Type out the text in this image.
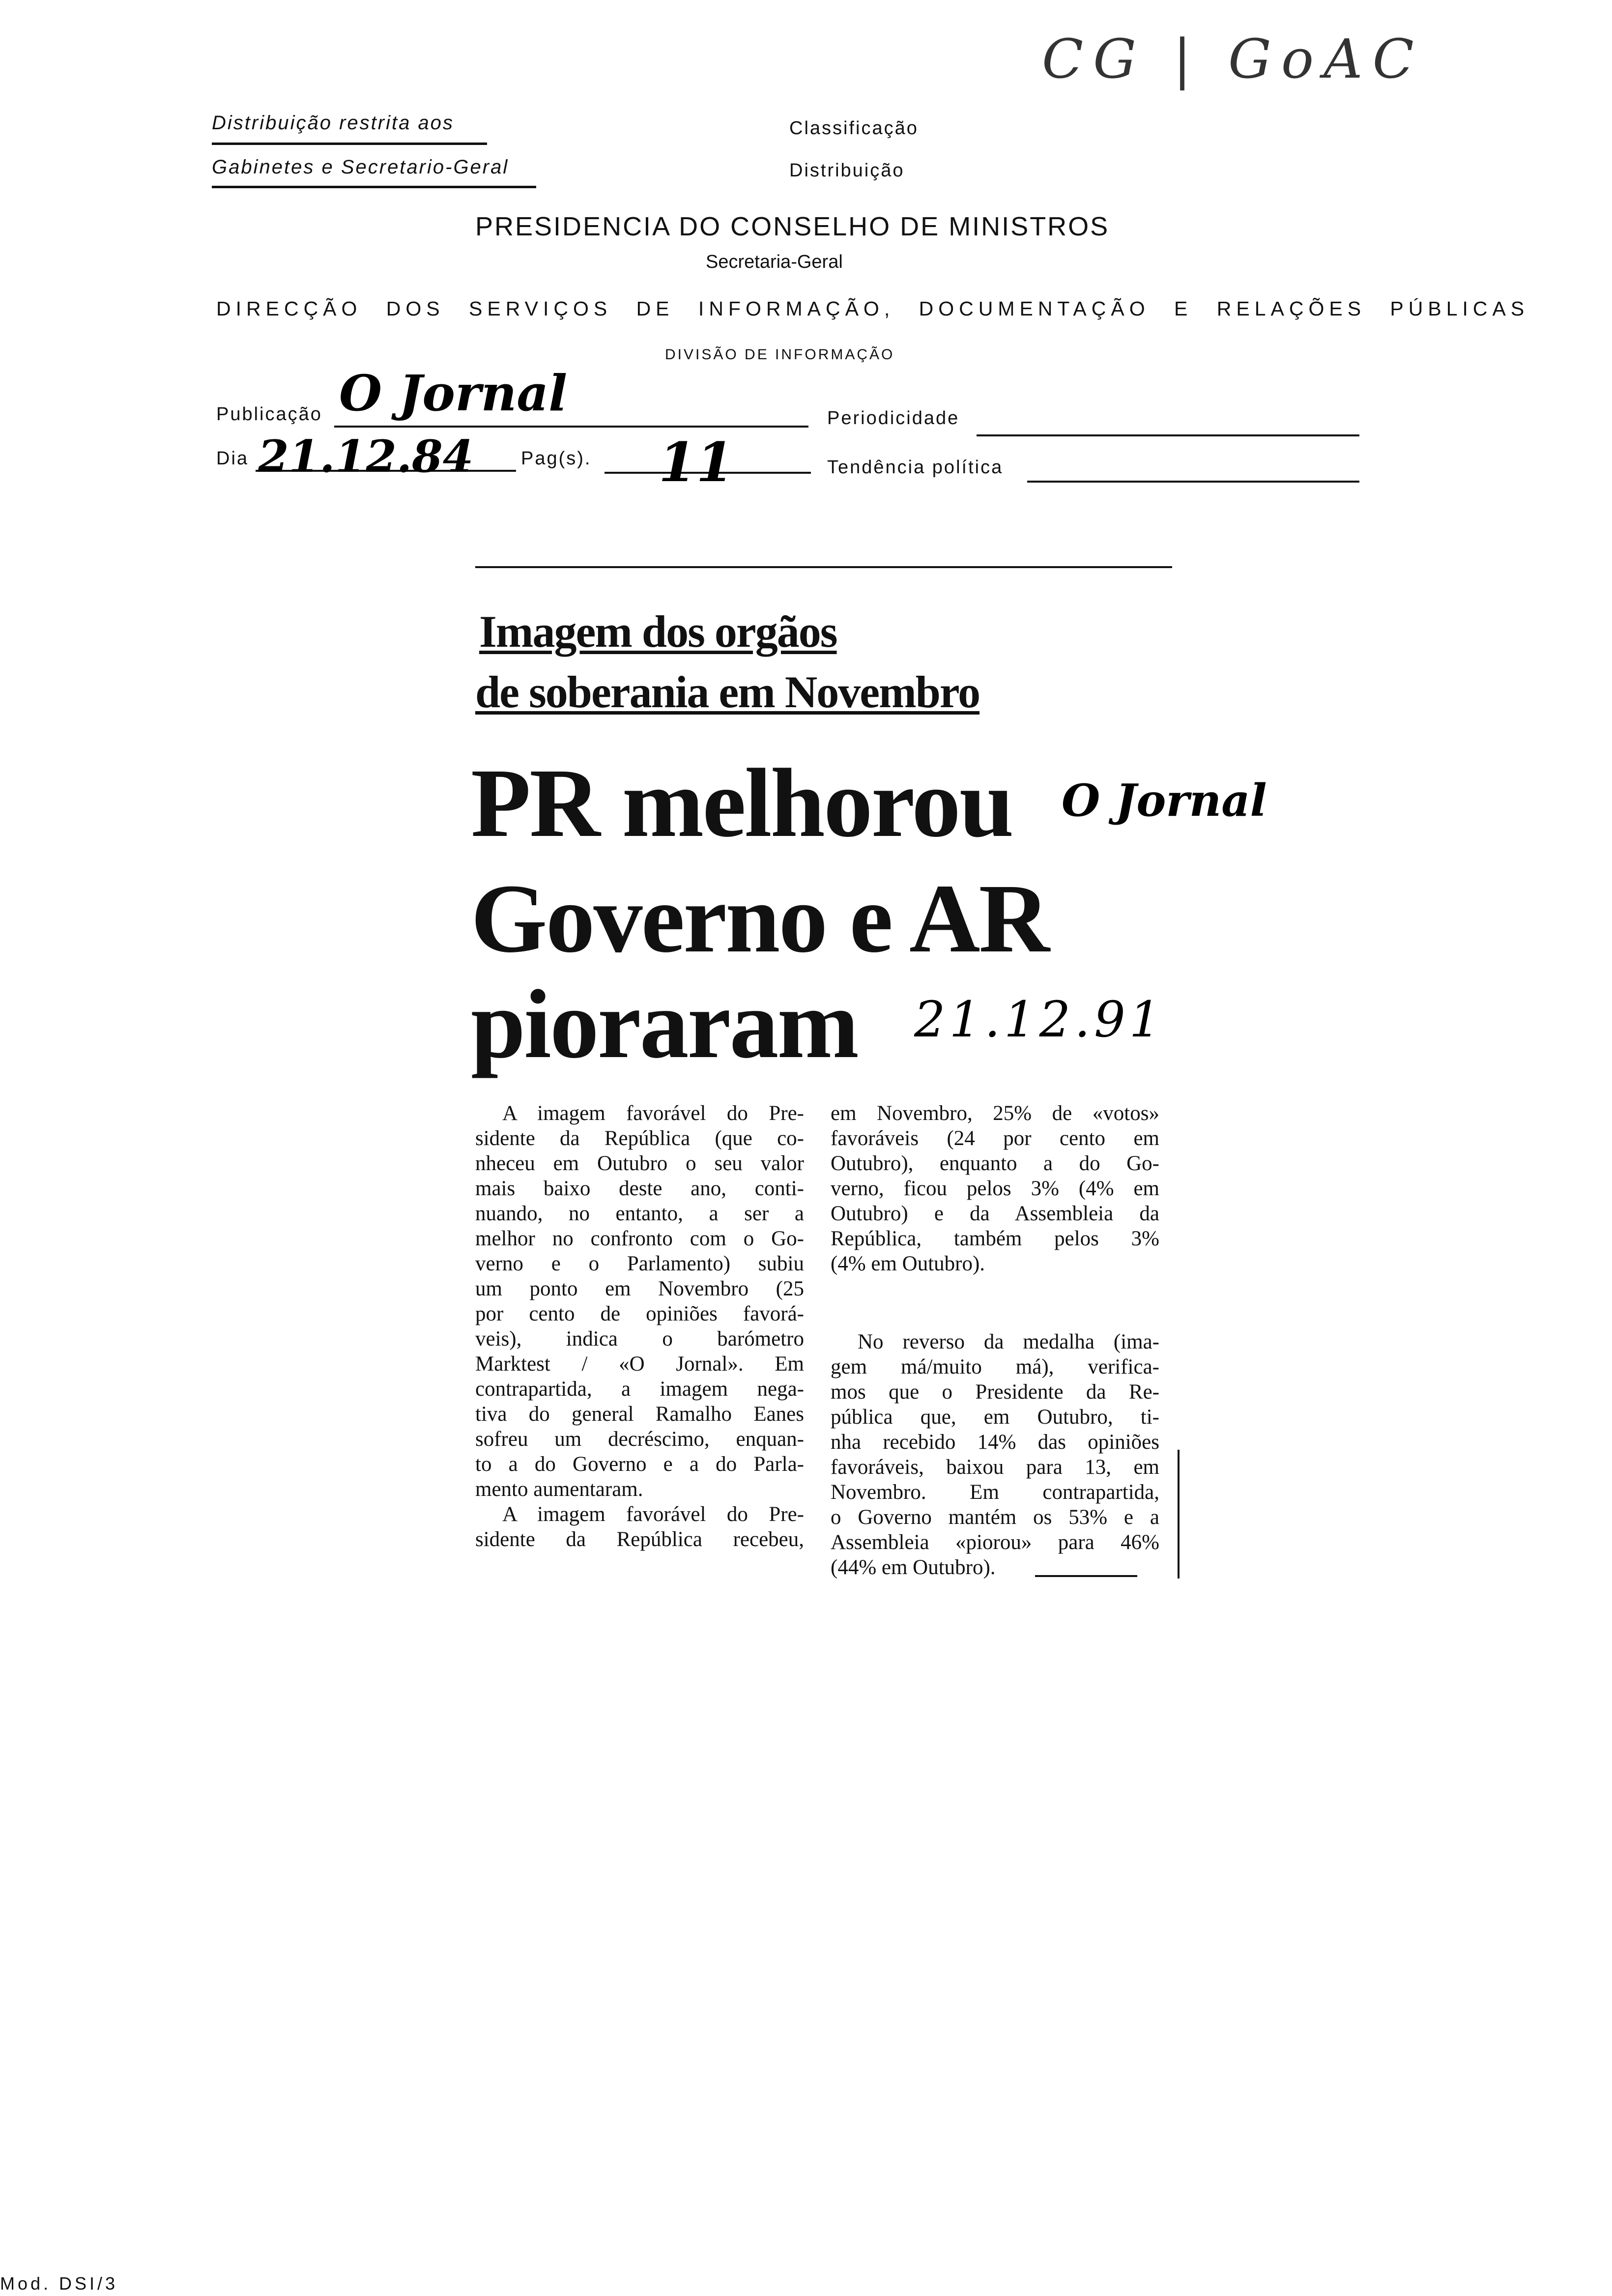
Distribuição restrita aos
Gabinetes e Secretario-Geral
Classificação
Distribuição
CG | GoAC
PRESIDENCIA DO CONSELHO DE MINISTROS
Secretaria-Geral
DIRECÇÃO DOS SERVIÇOS DE INFORMAÇÃO, DOCUMENTAÇÃO E RELAÇÕES PÚBLICAS
DIVISÃO DE INFORMAÇÃO
Publicação O Jornal
Dia 21.12.84	Pag(s). 11
Periodicidade
Tendência política
Imagem dos orgãos
de soberania em Novembro
PR melhorou O Jornal
Governo e AR
pioraram 21.12.91
A imagem favorável do Pre-
sidente da República (que co-
nheceu em Outubro o seu valor
mais baixo deste ano, conti-
nuando, no entanto, a ser a
melhor no confronto com o Go-
verno e o Parlamento) subiu
um ponto em Novembro (25
por cento de opiniões favorá-
veis), indica o barómetro
Marktest / «O Jornal». Em
contrapartida, a imagem nega-
tiva do general Ramalho Eanes
sofreu um decréscimo, enquan-
to a do Governo e a do Parla-
mento aumentaram.
A imagem favorável do Pre-
sidente da República recebeu,
em Novembro, 25% de «votos»
favoráveis (24 por cento em
Outubro), enquanto a do Go-
verno, ficou pelos 3% (4% em
Outubro) e da Assembleia da
República, também pelos 3%
(4% em Outubro).
No reverso da medalha (ima-
gem má/muito má), verifica-
mos que o Presidente da Re-
pública que, em Outubro, ti-
nha recebido 14% das opiniões
favoráveis, baixou para 13, em
Novembro. Em contrapartida,
o Governo mantém os 53% e a
Assembleia «piorou» para 46%
(44% em Outubro).
Mod. DSI/3
